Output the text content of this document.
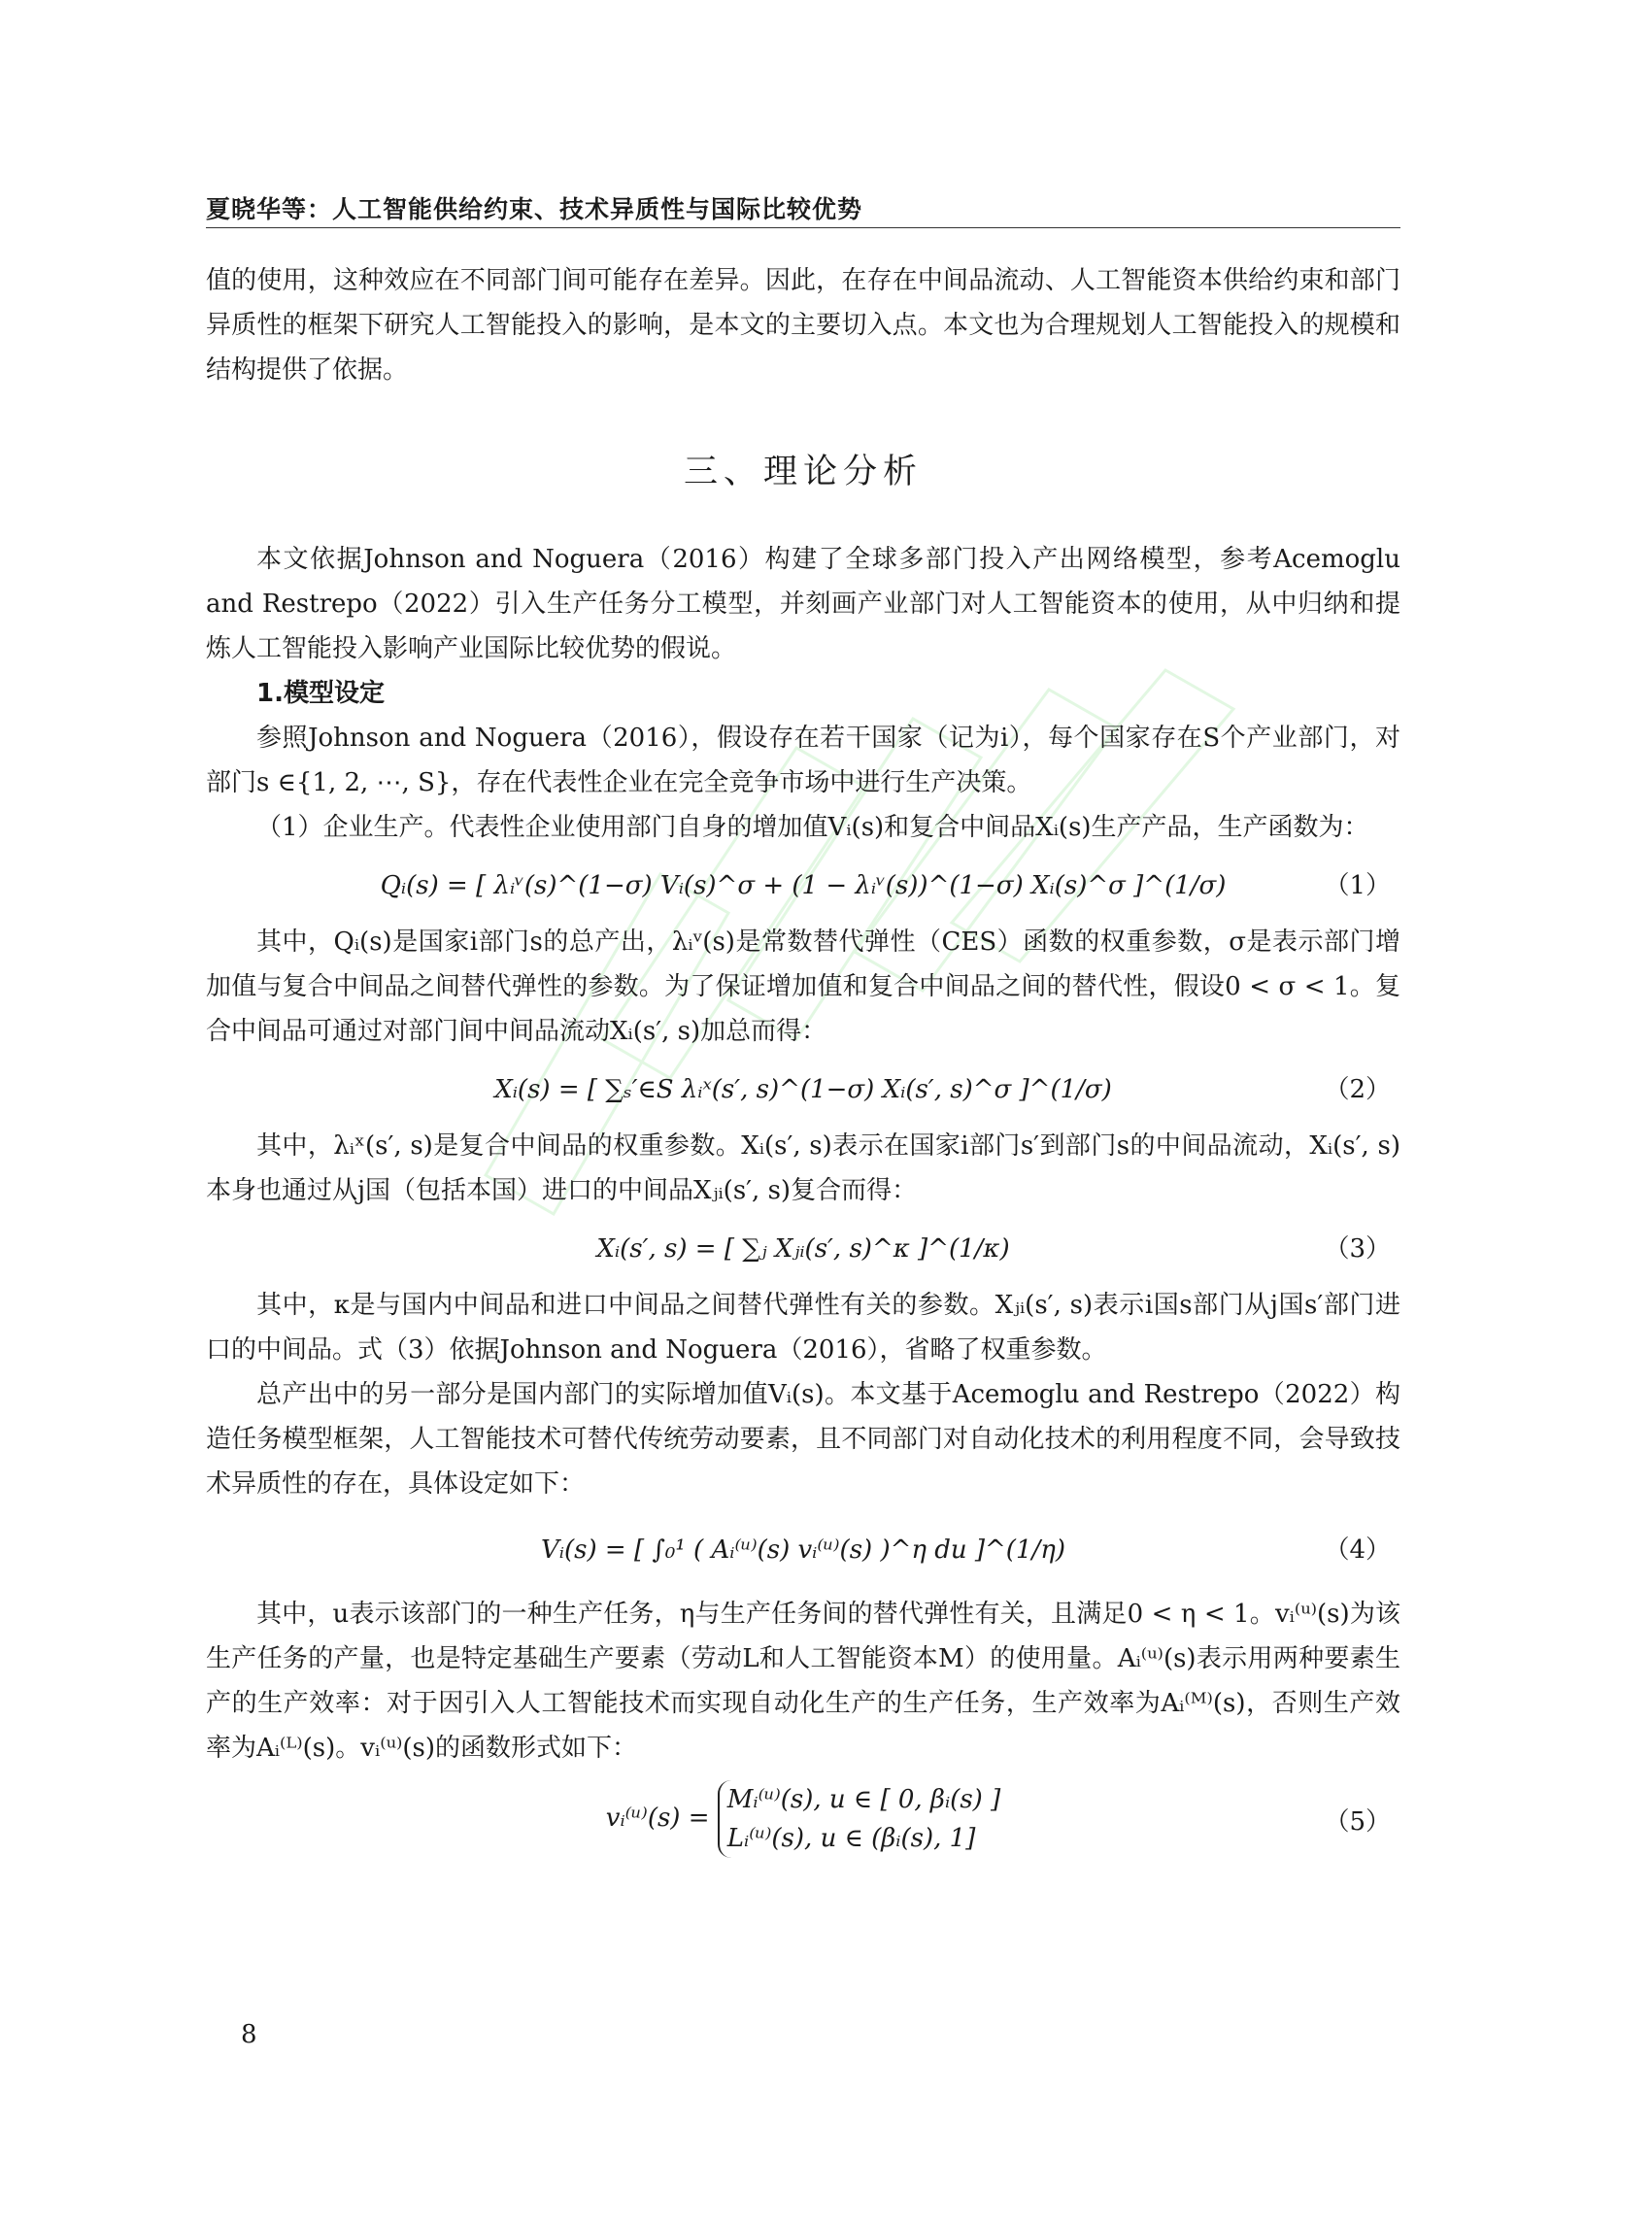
夏晓华等：人工智能供给约束、技术异质性与国际比较优势

值的使用，这种效应在不同部门间可能存在差异。因此，在存在中间品流动、人工智能资本供给约束和部门异质性的框架下研究人工智能投入的影响，是本文的主要切入点。本文也为合理规划人工智能投入的规模和结构提供了依据。

三、理论分析

本文依据Johnson and Noguera（2016）构建了全球多部门投入产出网络模型，参考Acemoglu and Restrepo（2022）引入生产任务分工模型，并刻画产业部门对人工智能资本的使用，从中归纳和提炼人工智能投入影响产业国际比较优势的假说。

1.模型设定

参照Johnson and Noguera（2016），假设存在若干国家（记为i），每个国家存在S个产业部门，对部门s ∈{1, 2, ⋯, S}，存在代表性企业在完全竞争市场中进行生产决策。

（1）企业生产。代表性企业使用部门自身的增加值Vᵢ(s)和复合中间品Xᵢ(s)生产产品，生产函数为：

Qᵢ(s) = [ λᵢᵛ(s)^(1−σ) Vᵢ(s)^σ + (1 − λᵢᵛ(s))^(1−σ) Xᵢ(s)^σ ]^(1/σ)	（1）

其中，Qᵢ(s)是国家i部门s的总产出，λᵢᵛ(s)是常数替代弹性（CES）函数的权重参数，σ是表示部门增加值与复合中间品之间替代弹性的参数。为了保证增加值和复合中间品之间的替代性，假设0 < σ < 1。复合中间品可通过对部门间中间品流动Xᵢ(s′, s)加总而得：

Xᵢ(s) = [ ∑ₛ′∈S λᵢˣ(s′, s)^(1−σ) Xᵢ(s′, s)^σ ]^(1/σ)	（2）

其中，λᵢˣ(s′, s)是复合中间品的权重参数。Xᵢ(s′, s)表示在国家i部门s′到部门s的中间品流动，Xᵢ(s′, s)本身也通过从j国（包括本国）进口的中间品Xⱼᵢ(s′, s)复合而得：

Xᵢ(s′, s) = [ ∑ⱼ Xⱼᵢ(s′, s)^κ ]^(1/κ)	（3）

其中，κ是与国内中间品和进口中间品之间替代弹性有关的参数。Xⱼᵢ(s′, s)表示i国s部门从j国s′部门进口的中间品。式（3）依据Johnson and Noguera（2016），省略了权重参数。

总产出中的另一部分是国内部门的实际增加值Vᵢ(s)。本文基于Acemoglu and Restrepo（2022）构造任务模型框架，人工智能技术可替代传统劳动要素，且不同部门对自动化技术的利用程度不同，会导致技术异质性的存在，具体设定如下：

Vᵢ(s) = [ ∫₀¹ ( Aᵢ⁽ᵘ⁾(s) vᵢ⁽ᵘ⁾(s) )^η du ]^(1/η)	（4）

其中，u表示该部门的一种生产任务，η与生产任务间的替代弹性有关，且满足0 < η < 1。vᵢ⁽ᵘ⁾(s)为该生产任务的产量，也是特定基础生产要素（劳动L和人工智能资本M）的使用量。Aᵢ⁽ᵘ⁾(s)表示用两种要素生产的生产效率：对于因引入人工智能技术而实现自动化生产的生产任务，生产效率为Aᵢ⁽ᴹ⁾(s)，否则生产效率为Aᵢ⁽ᴸ⁾(s)。vᵢ⁽ᵘ⁾(s)的函数形式如下：

vᵢ⁽ᵘ⁾(s) = Mᵢ⁽ᵘ⁾(s), u ∈ [ 0, βᵢ(s) ]
Lᵢ⁽ᵘ⁾(s), u ∈ (βᵢ(s), 1]
（5）
8
